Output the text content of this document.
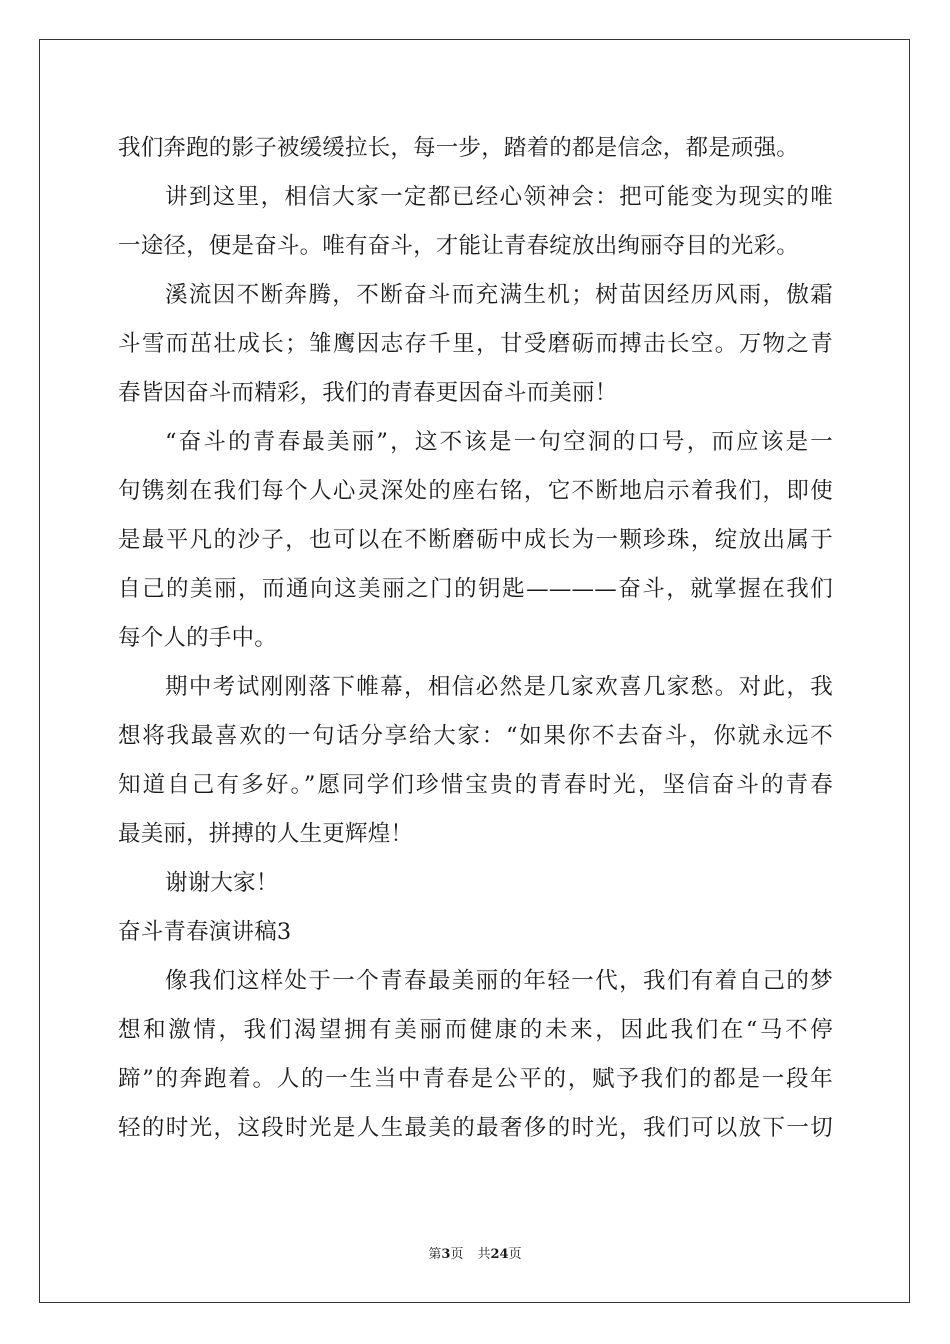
我们奔跑的影子被缓缓拉长，每一步，踏着的都是信念，都是顽强。
讲到这里，相信大家一定都已经心领神会：把可能变为现实的唯
一途径，便是奋斗。唯有奋斗，才能让青春绽放出绚丽夺目的光彩。
溪流因不断奔腾，不断奋斗而充满生机；树苗因经历风雨，傲霜
斗雪而茁壮成长；雏鹰因志存千里，甘受磨砺而搏击长空。万物之青
春皆因奋斗而精彩，我们的青春更因奋斗而美丽！
“奋斗的青春最美丽”，这不该是一句空洞的口号，而应该是一
句镌刻在我们每个人心灵深处的座右铭，它不断地启示着我们，即使
是最平凡的沙子，也可以在不断磨砺中成长为一颗珍珠，绽放出属于
自己的美丽，而通向这美丽之门的钥匙————奋斗，就掌握在我们
每个人的手中。
期中考试刚刚落下帷幕，相信必然是几家欢喜几家愁。对此，我
想将我最喜欢的一句话分享给大家：“如果你不去奋斗，你就永远不
知道自己有多好。”愿同学们珍惜宝贵的青春时光，坚信奋斗的青春
最美丽，拼搏的人生更辉煌！
谢谢大家！
奋斗青春演讲稿3
像我们这样处于一个青春最美丽的年轻一代，我们有着自己的梦
想和激情，我们渴望拥有美丽而健康的未来，因此我们在“马不停
蹄”的奔跑着。人的一生当中青春是公平的，赋予我们的都是一段年
轻的时光，这段时光是人生最美的最奢侈的时光，我们可以放下一切
第3页 共24页
